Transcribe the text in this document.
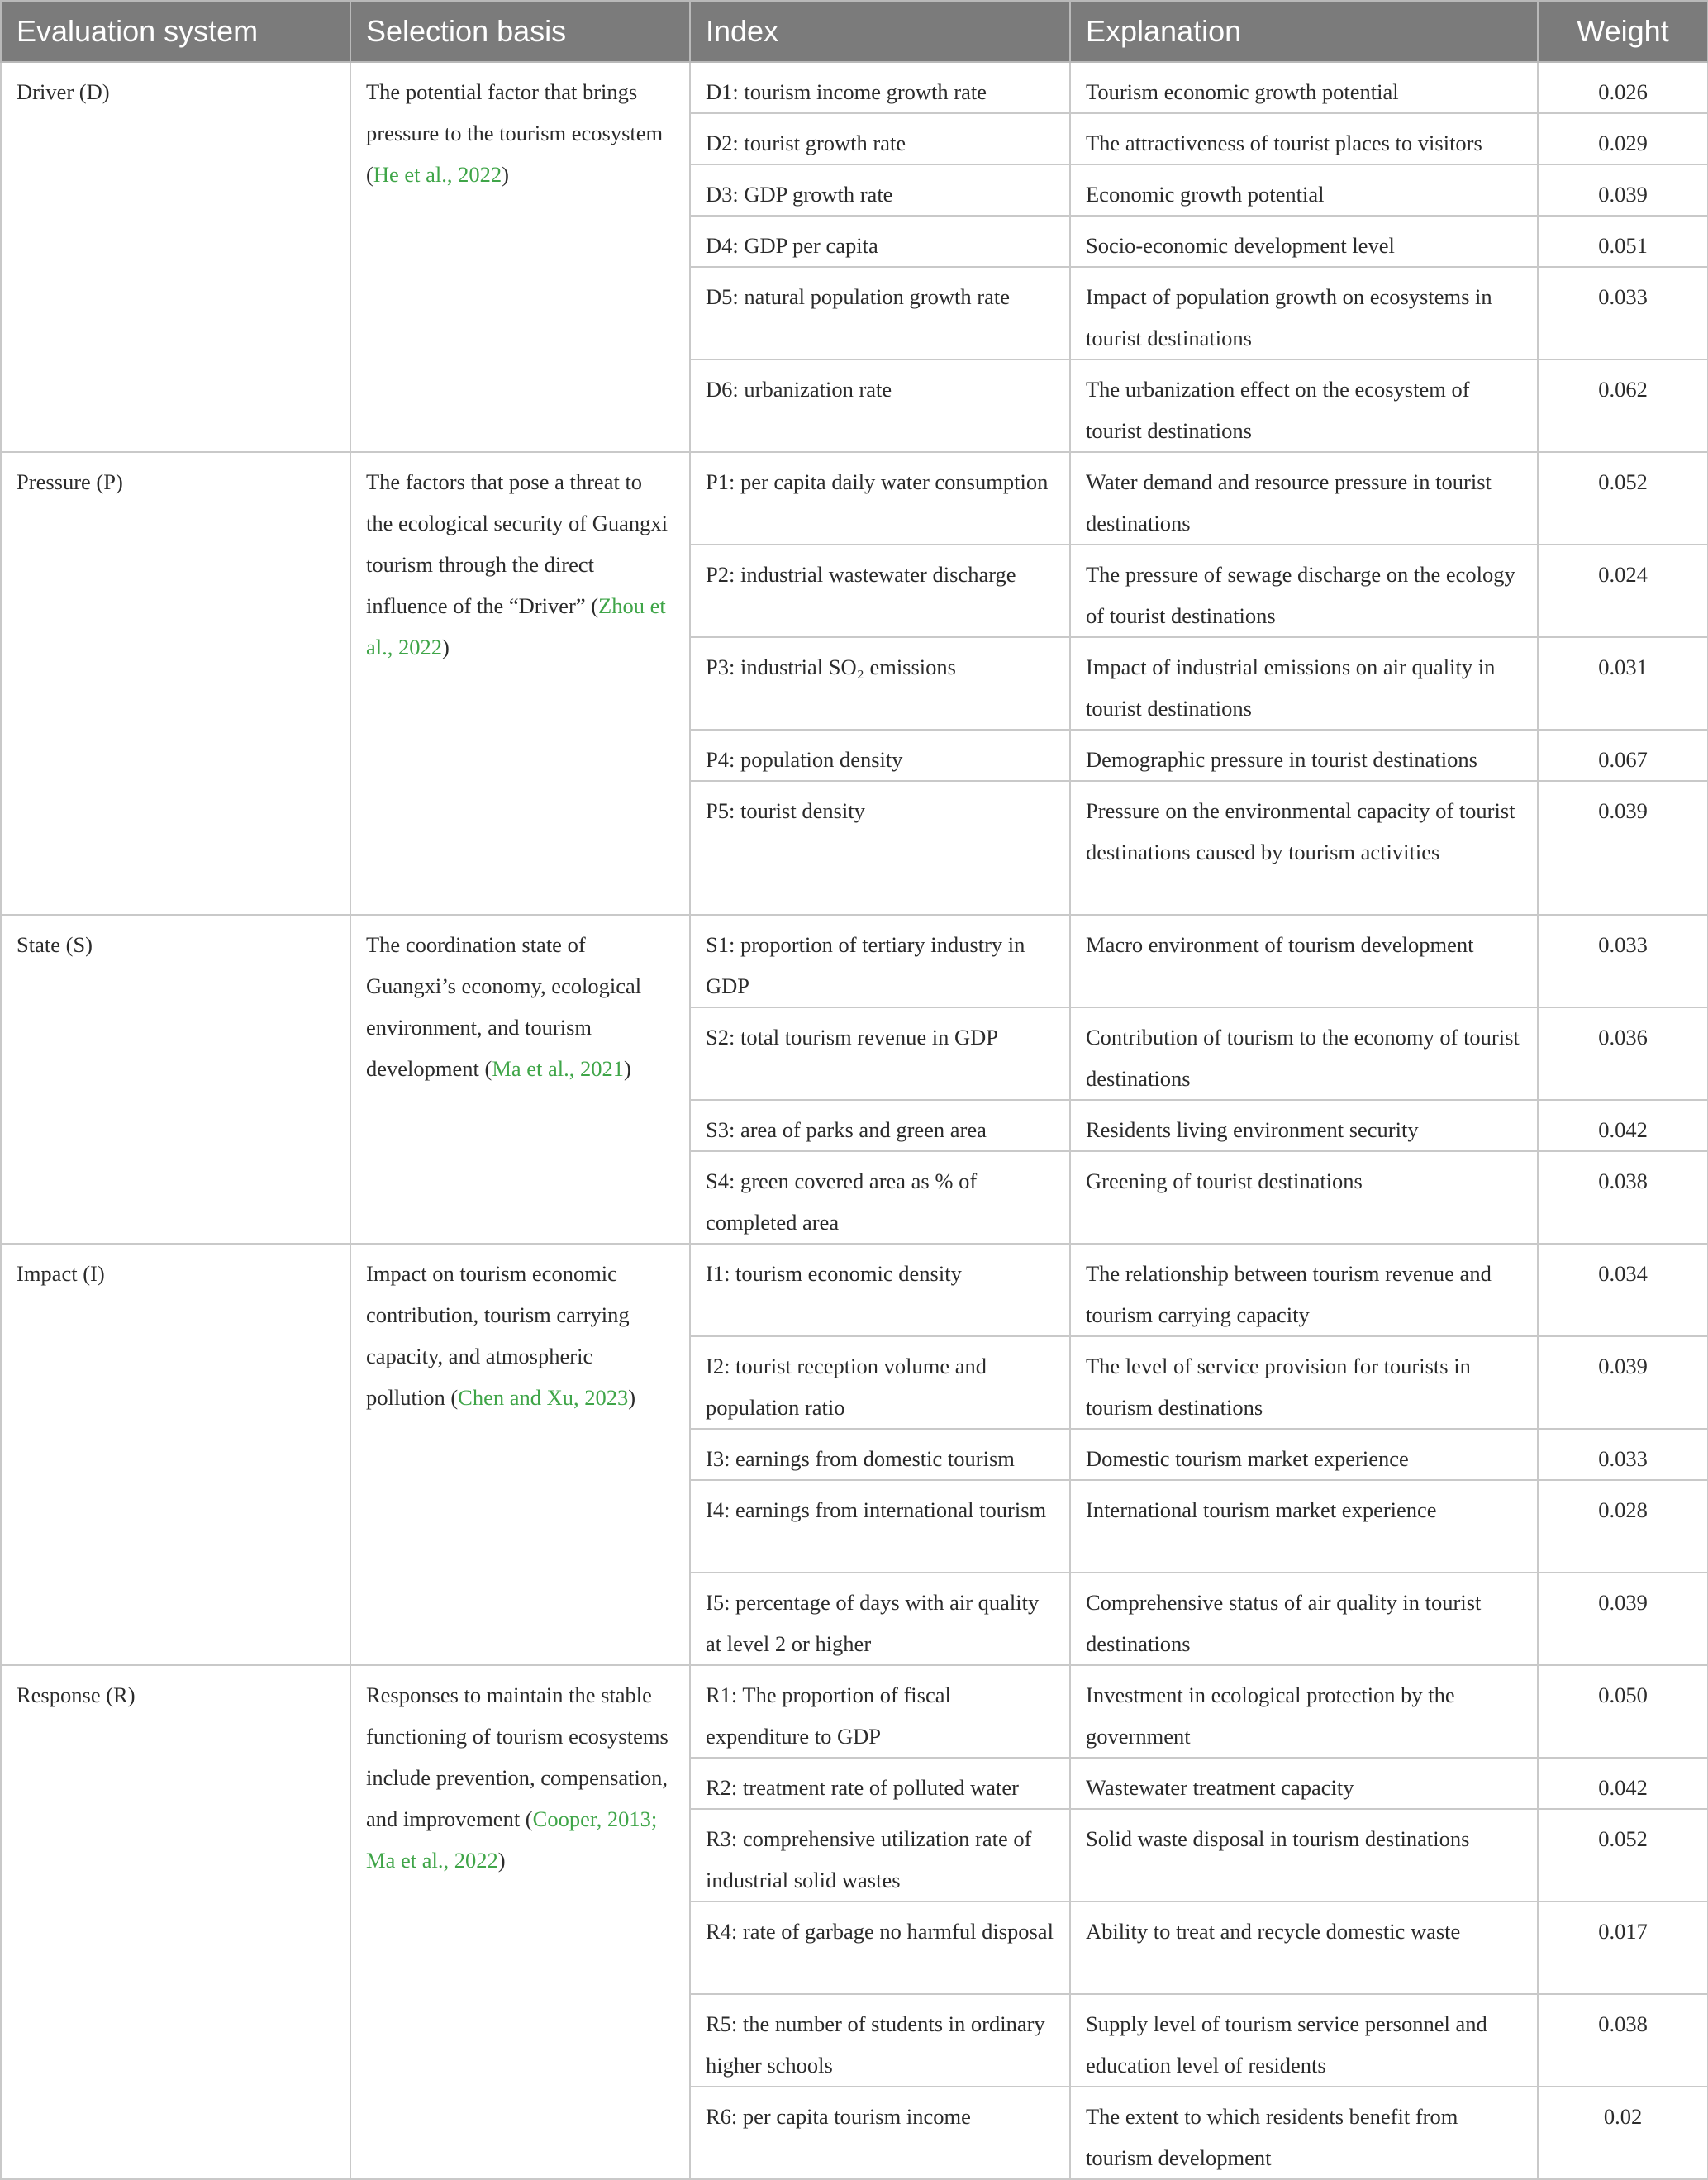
Evaluation system	Selection basis	Index	Explanation	Weight
Driver (D)	The potential factor that brings pressure to the tourism ecosystem (He et al., 2022)	D1: tourism income growth rate	Tourism economic growth potential	0.026
		D2: tourist growth rate	The attractiveness of tourist places to visitors	0.029
		D3: GDP growth rate	Economic growth potential	0.039
		D4: GDP per capita	Socio-economic development level	0.051
		D5: natural population growth rate	Impact of population growth on ecosystems in tourist destinations	0.033
		D6: urbanization rate	The urbanization effect on the ecosystem of tourist destinations	0.062
Pressure (P)	The factors that pose a threat to the ecological security of Guangxi tourism through the direct influence of the “Driver” (Zhou et al., 2022)	P1: per capita daily water consumption	Water demand and resource pressure in tourist destinations	0.052
		P2: industrial wastewater discharge	The pressure of sewage discharge on the ecology of tourist destinations	0.024
		P3: industrial SO₂ emissions	Impact of industrial emissions on air quality in tourist destinations	0.031
		P4: population density	Demographic pressure in tourist destinations	0.067
		P5: tourist density	Pressure on the environmental capacity of tourist destinations caused by tourism activities	0.039
State (S)	The coordination state of Guangxi’s economy, ecological environment, and tourism development (Ma et al., 2021)	S1: proportion of tertiary industry in GDP	Macro environment of tourism development	0.033
		S2: total tourism revenue in GDP	Contribution of tourism to the economy of tourist destinations	0.036
		S3: area of parks and green area	Residents living environment security	0.042
		S4: green covered area as % of completed area	Greening of tourist destinations	0.038
Impact (I)	Impact on tourism economic contribution, tourism carrying capacity, and atmospheric pollution (Chen and Xu, 2023)	I1: tourism economic density	The relationship between tourism revenue and tourism carrying capacity	0.034
		I2: tourist reception volume and population ratio	The level of service provision for tourists in tourism destinations	0.039
		I3: earnings from domestic tourism	Domestic tourism market experience	0.033
		I4: earnings from international tourism	International tourism market experience	0.028
		I5: percentage of days with air quality at level 2 or higher	Comprehensive status of air quality in tourist destinations	0.039
Response (R)	Responses to maintain the stable functioning of tourism ecosystems include prevention, compensation, and improvement (Cooper, 2013; Ma et al., 2022)	R1: The proportion of fiscal expenditure to GDP	Investment in ecological protection by the government	0.050
		R2: treatment rate of polluted water	Wastewater treatment capacity	0.042
		R3: comprehensive utilization rate of industrial solid wastes	Solid waste disposal in tourism destinations	0.052
		R4: rate of garbage no harmful disposal	Ability to treat and recycle domestic waste	0.017
		R5: the number of students in ordinary higher schools	Supply level of tourism service personnel and education level of residents	0.038
		R6: per capita tourism income	The extent to which residents benefit from tourism development	0.02
